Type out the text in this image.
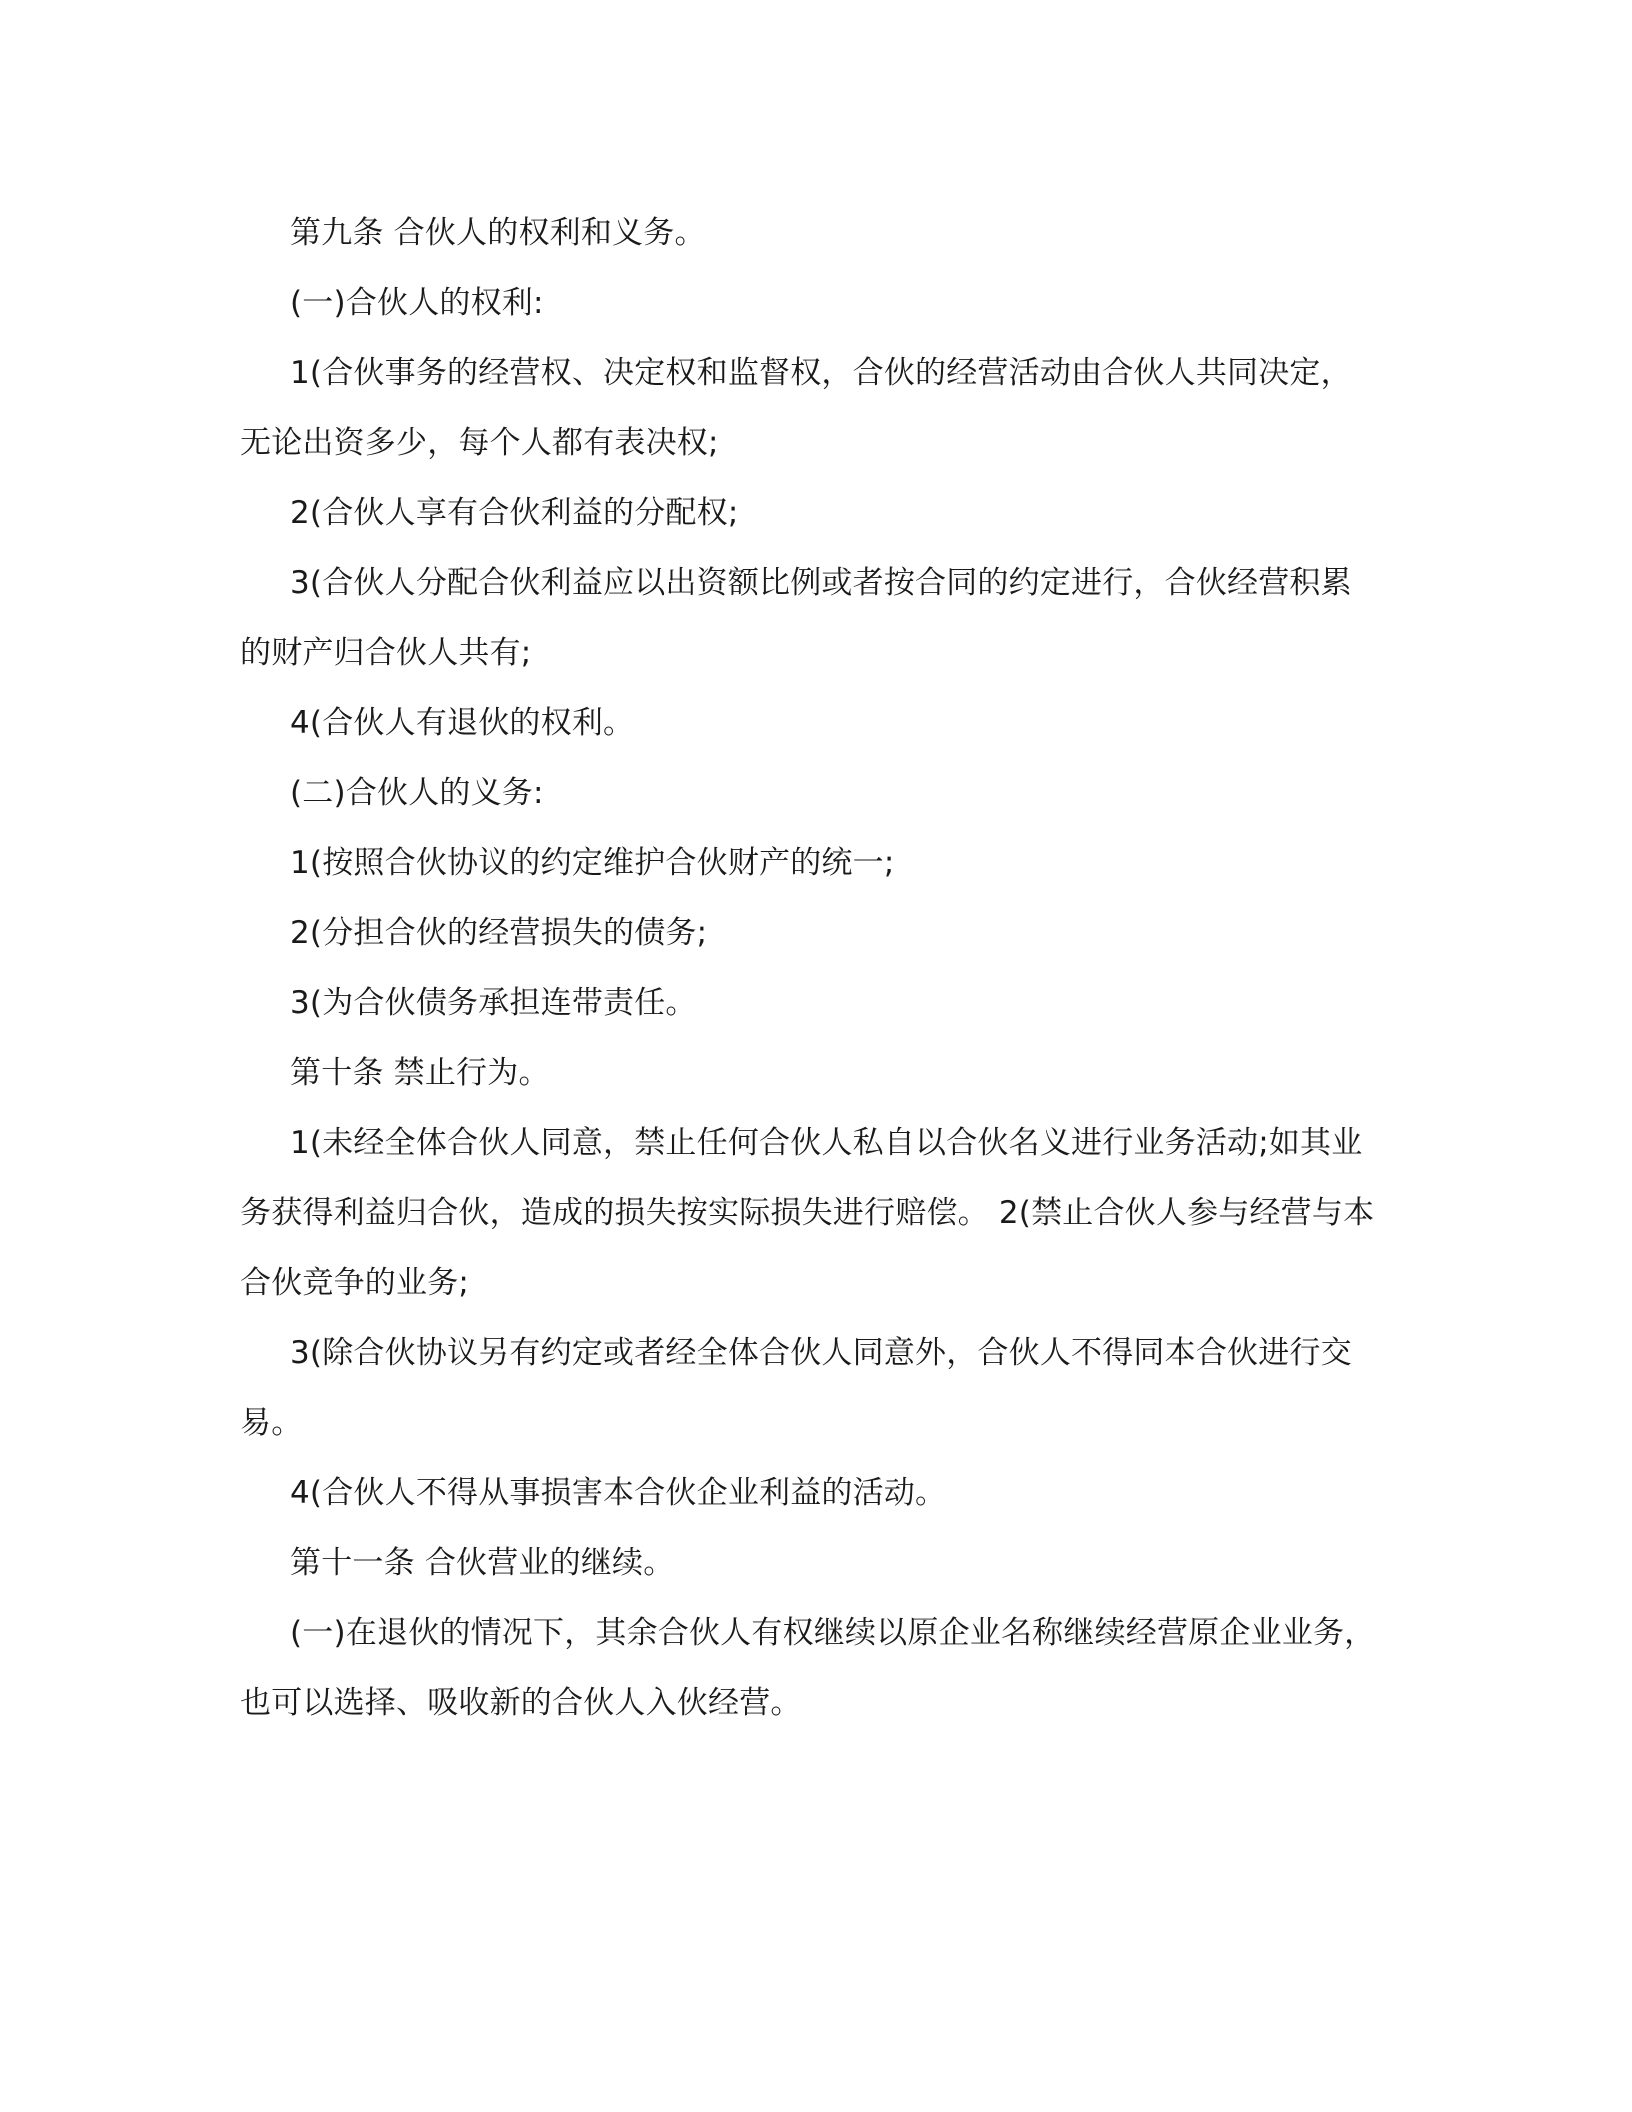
第九条 合伙人的权利和义务。

(一)合伙人的权利:

1(合伙事务的经营权、决定权和监督权，合伙的经营活动由合伙人共同决定，无论出资多少，每个人都有表决权;

2(合伙人享有合伙利益的分配权;

3(合伙人分配合伙利益应以出资额比例或者按合同的约定进行，合伙经营积累的财产归合伙人共有;

4(合伙人有退伙的权利。

(二)合伙人的义务:

1(按照合伙协议的约定维护合伙财产的统一;

2(分担合伙的经营损失的债务;

3(为合伙债务承担连带责任。

第十条 禁止行为。

1(未经全体合伙人同意，禁止任何合伙人私自以合伙名义进行业务活动;如其业务获得利益归合伙，造成的损失按实际损失进行赔偿。 2(禁止合伙人参与经营与本合伙竞争的业务;

3(除合伙协议另有约定或者经全体合伙人同意外，合伙人不得同本合伙进行交易。

4(合伙人不得从事损害本合伙企业利益的活动。

第十一条 合伙营业的继续。

(一)在退伙的情况下，其余合伙人有权继续以原企业名称继续经营原企业业务，也可以选择、吸收新的合伙人入伙经营。
